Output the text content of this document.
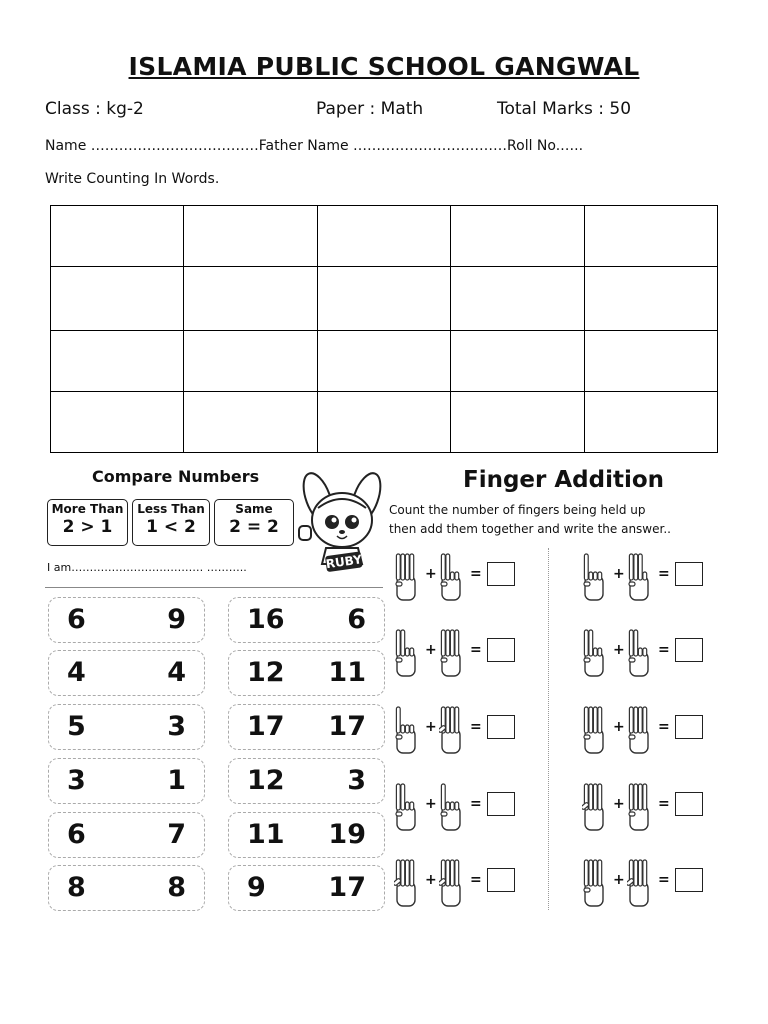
ISLAMIA PUBLIC SCHOOL GANGWAL
Class : kg-2	Paper : Math	Total Marks : 50
Name ………………………………Father Name ……………………………Roll No.…..
Write Counting In Words.

Compare Numbers
More Than
2 > 1
Less Than
1 < 2
Same
2 = 2
RUBY
I am……………………………… ………..
6	9
4	4
5	3
3	1
6	7
8	8
16 6
12 11
17 17
12 3
11 19
9 17
Finger Addition
Count the number of fingers being held up
then add them together and write the answer..
+ =
+ =
+ =
+ =
+ =
+ =
+ =
+ =
+ =
+ =
